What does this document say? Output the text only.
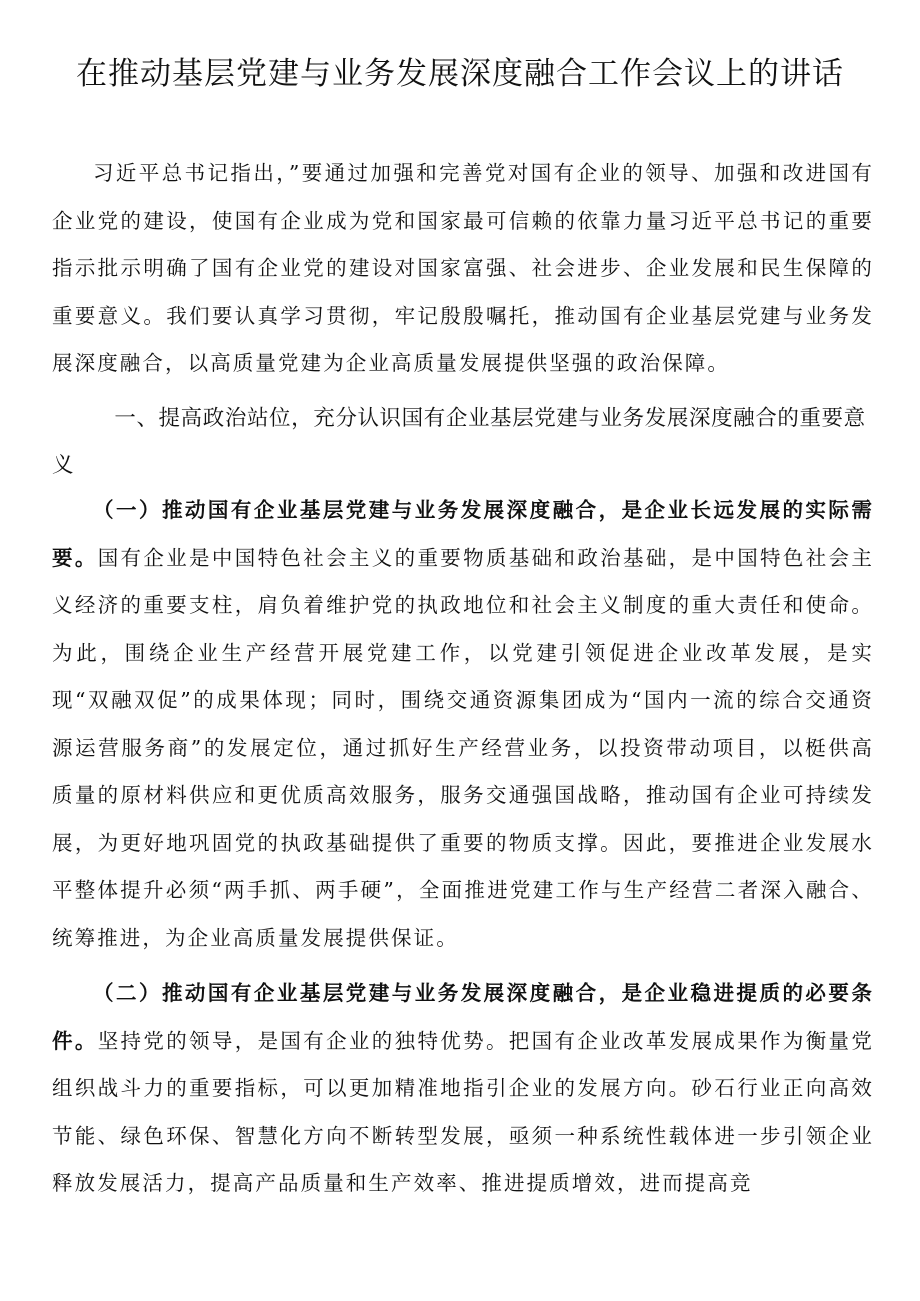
在推动基层党建与业务发展深度融合工作会议上的讲话

习近平总书记指出，”要通过加强和完善党对国有企业的领导、加强和改进国有企业党的建设，使国有企业成为党和国家最可信赖的依靠力量习近平总书记的重要指示批示明确了国有企业党的建设对国家富强、社会进步、企业发展和民生保障的重要意义。我们要认真学习贯彻，牢记殷殷嘱托，推动国有企业基层党建与业务发展深度融合，以高质量党建为企业高质量发展提供坚强的政治保障。

一、提高政治站位，充分认识国有企业基层党建与业务发展深度融合的重要意义

（一）推动国有企业基层党建与业务发展深度融合，是企业长远发展的实际需要。国有企业是中国特色社会主义的重要物质基础和政治基础，是中国特色社会主义经济的重要支柱，肩负着维护党的执政地位和社会主义制度的重大责任和使命。为此，围绕企业生产经营开展党建工作，以党建引领促进企业改革发展，是实现“双融双促”的成果体现；同时，围绕交通资源集团成为“国内一流的综合交通资源运营服务商”的发展定位，通过抓好生产经营业务，以投资带动项目，以梃供高质量的原材料供应和更优质高效服务，服务交通强国战略，推动国有企业可持续发展，为更好地巩固党的执政基础提供了重要的物质支撑。因此，要推进企业发展水平整体提升必须“两手抓、两手硬”，全面推进党建工作与生产经营二者深入融合、统筹推进，为企业高质量发展提供保证。

（二）推动国有企业基层党建与业务发展深度融合，是企业稳进提质的必要条件。坚持党的领导，是国有企业的独特优势。把国有企业改革发展成果作为衡量党组织战斗力的重要指标，可以更加精准地指引企业的发展方向。砂石行业正向高效节能、绿色环保、智慧化方向不断转型发展，亟须一种系统性载体进一步引领企业释放发展活力，提高产品质量和生产效率、推进提质增效，进而提高竞
